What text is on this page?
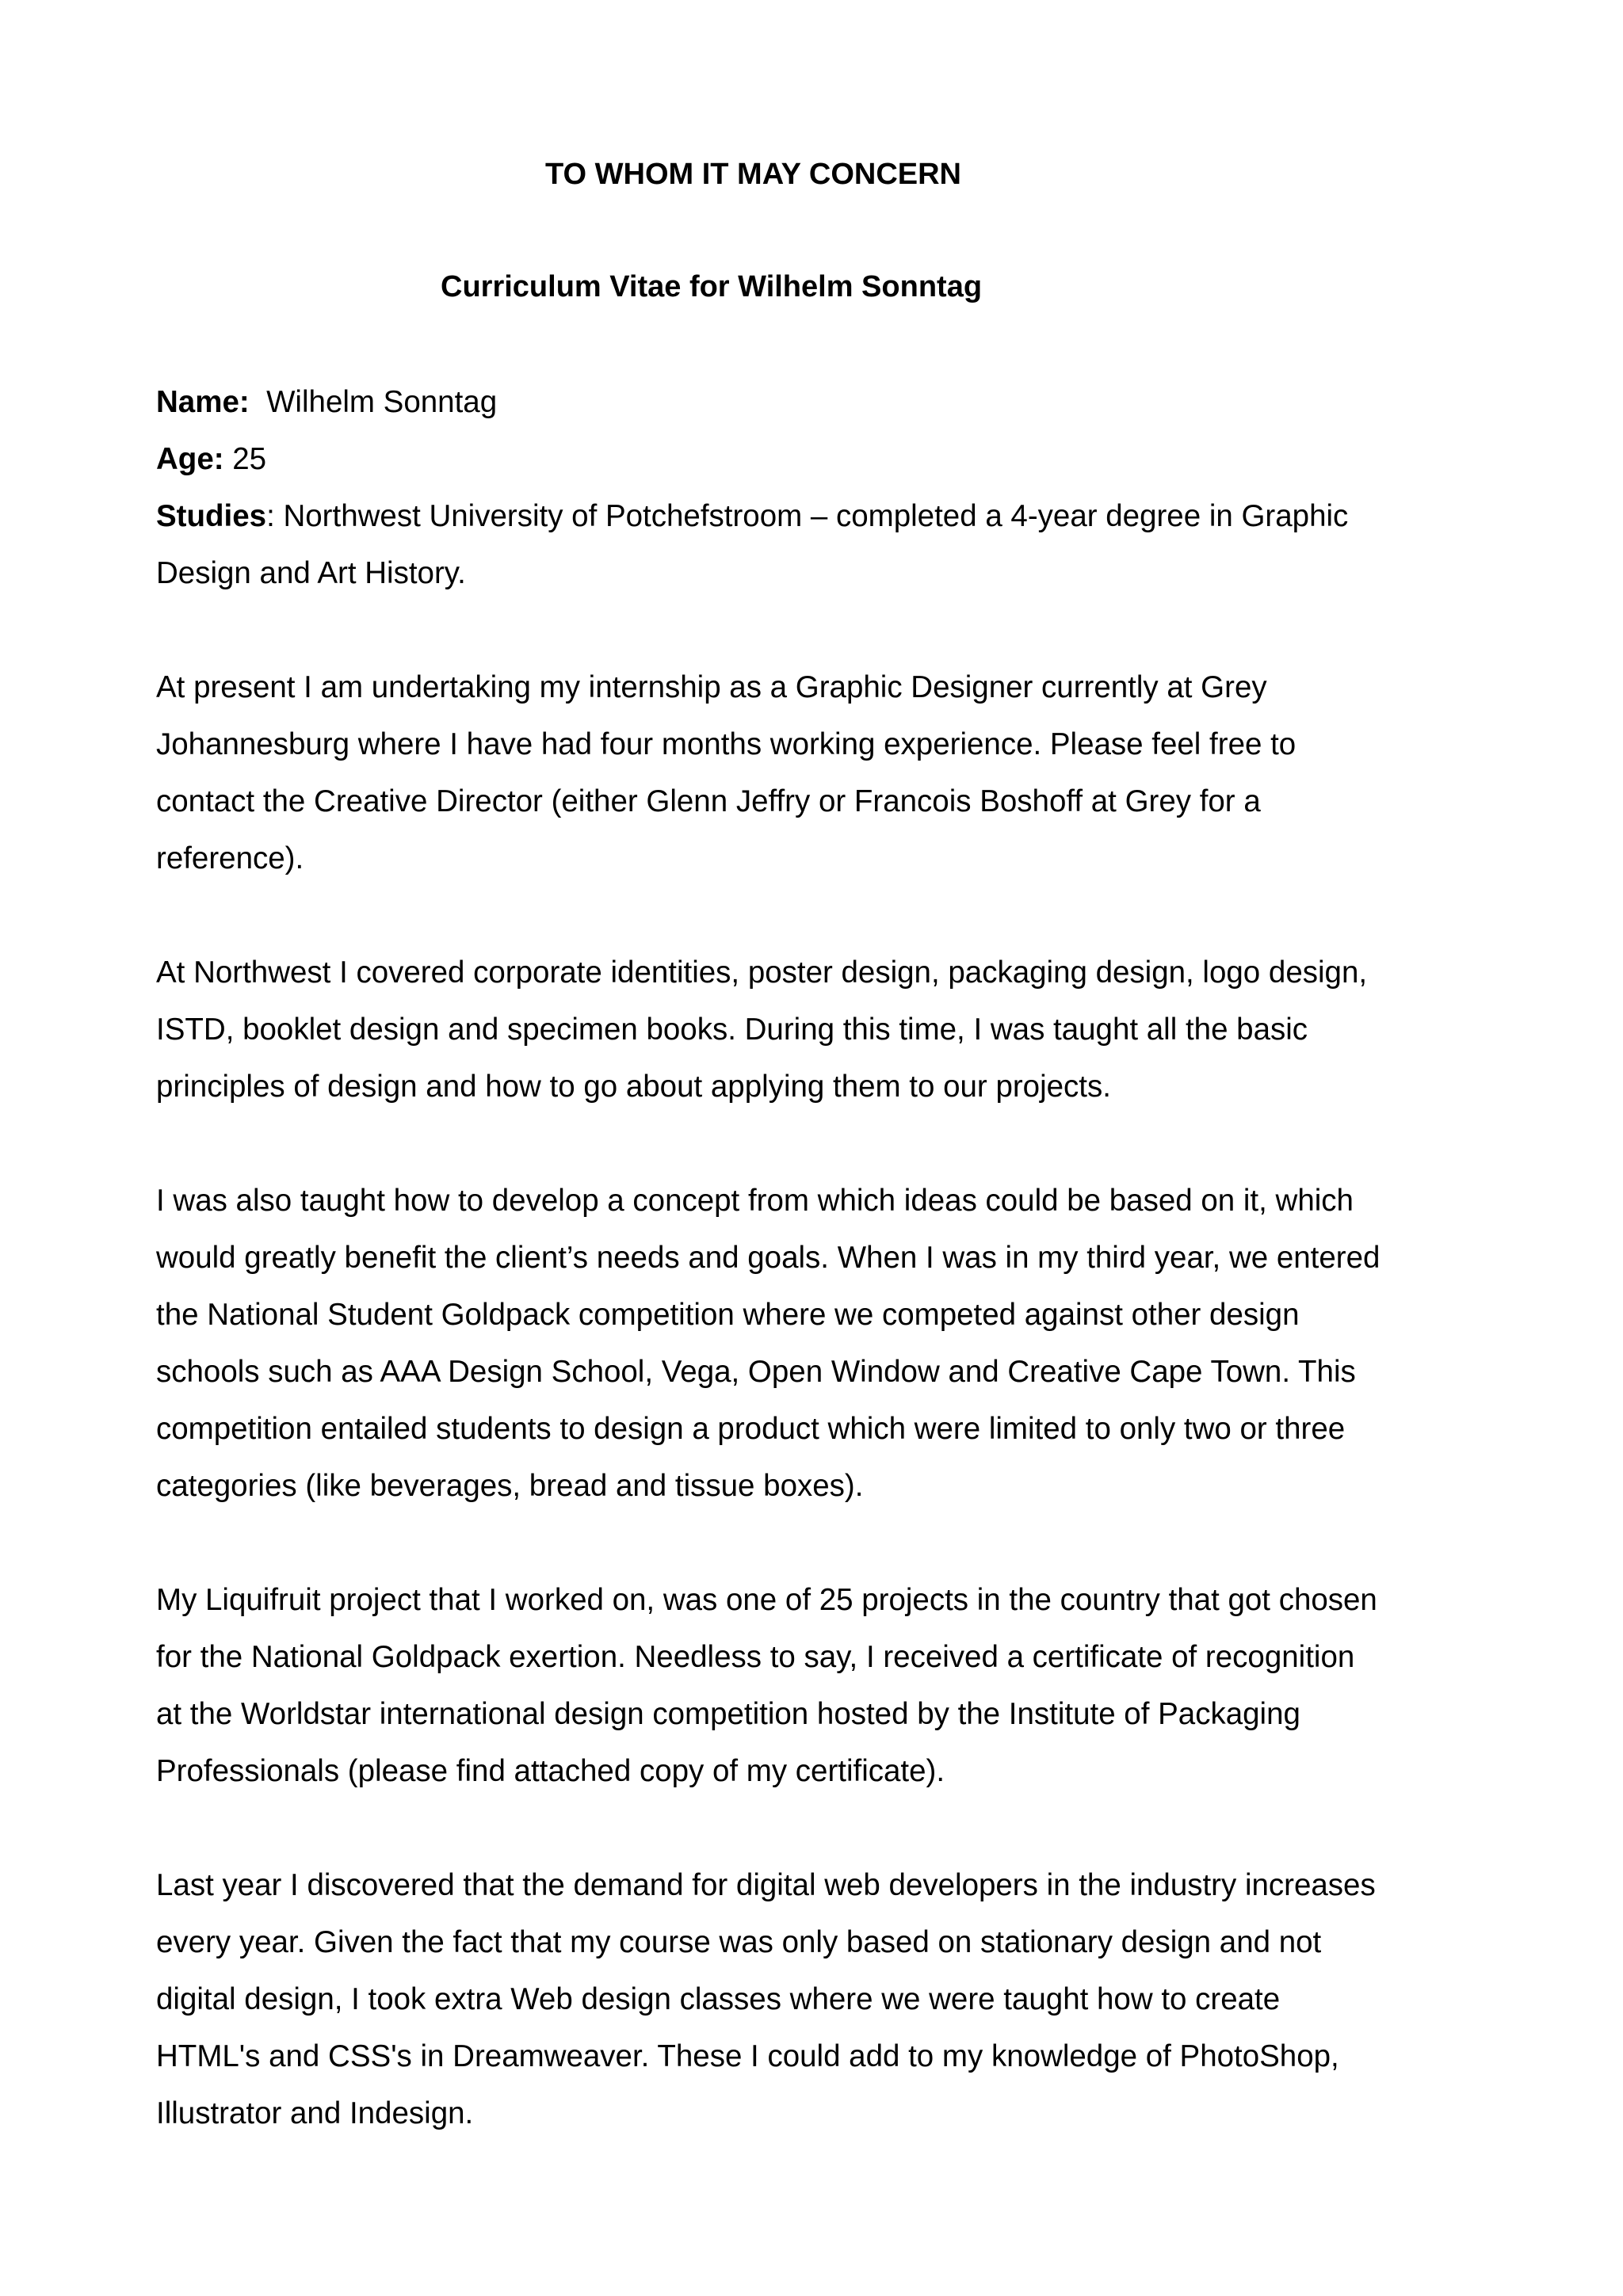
TO WHOM IT MAY CONCERN
Curriculum Vitae for Wilhelm Sonntag

Name:  Wilhelm Sonntag

Age: 25

Studies: Northwest University of Potchefstroom – completed a 4-year degree in Graphic
Design and Art History.

At present I am undertaking my internship as a Graphic Designer currently at Grey
Johannesburg where I have had four months working experience. Please feel free to
contact the Creative Director (either Glenn Jeffry or Francois Boshoff at Grey for a
reference).

At Northwest I covered corporate identities, poster design, packaging design, logo design,
ISTD, booklet design and specimen books. During this time, I was taught all the basic
principles of design and how to go about applying them to our projects.

I was also taught how to develop a concept from which ideas could be based on it, which
would greatly benefit the client’s needs and goals. When I was in my third year, we entered
the National Student Goldpack competition where we competed against other design
schools such as AAA Design School, Vega, Open Window and Creative Cape Town. This
competition entailed students to design a product which were limited to only two or three
categories (like beverages, bread and tissue boxes).

My Liquifruit project that I worked on, was one of 25 projects in the country that got chosen
for the National Goldpack exertion. Needless to say, I received a certificate of recognition
at the Worldstar international design competition hosted by the Institute of Packaging
Professionals (please find attached copy of my certificate).

Last year I discovered that the demand for digital web developers in the industry increases
every year. Given the fact that my course was only based on stationary design and not
digital design, I took extra Web design classes where we were taught how to create
HTML's and CSS's in Dreamweaver. These I could add to my knowledge of PhotoShop,
Illustrator and Indesign.
